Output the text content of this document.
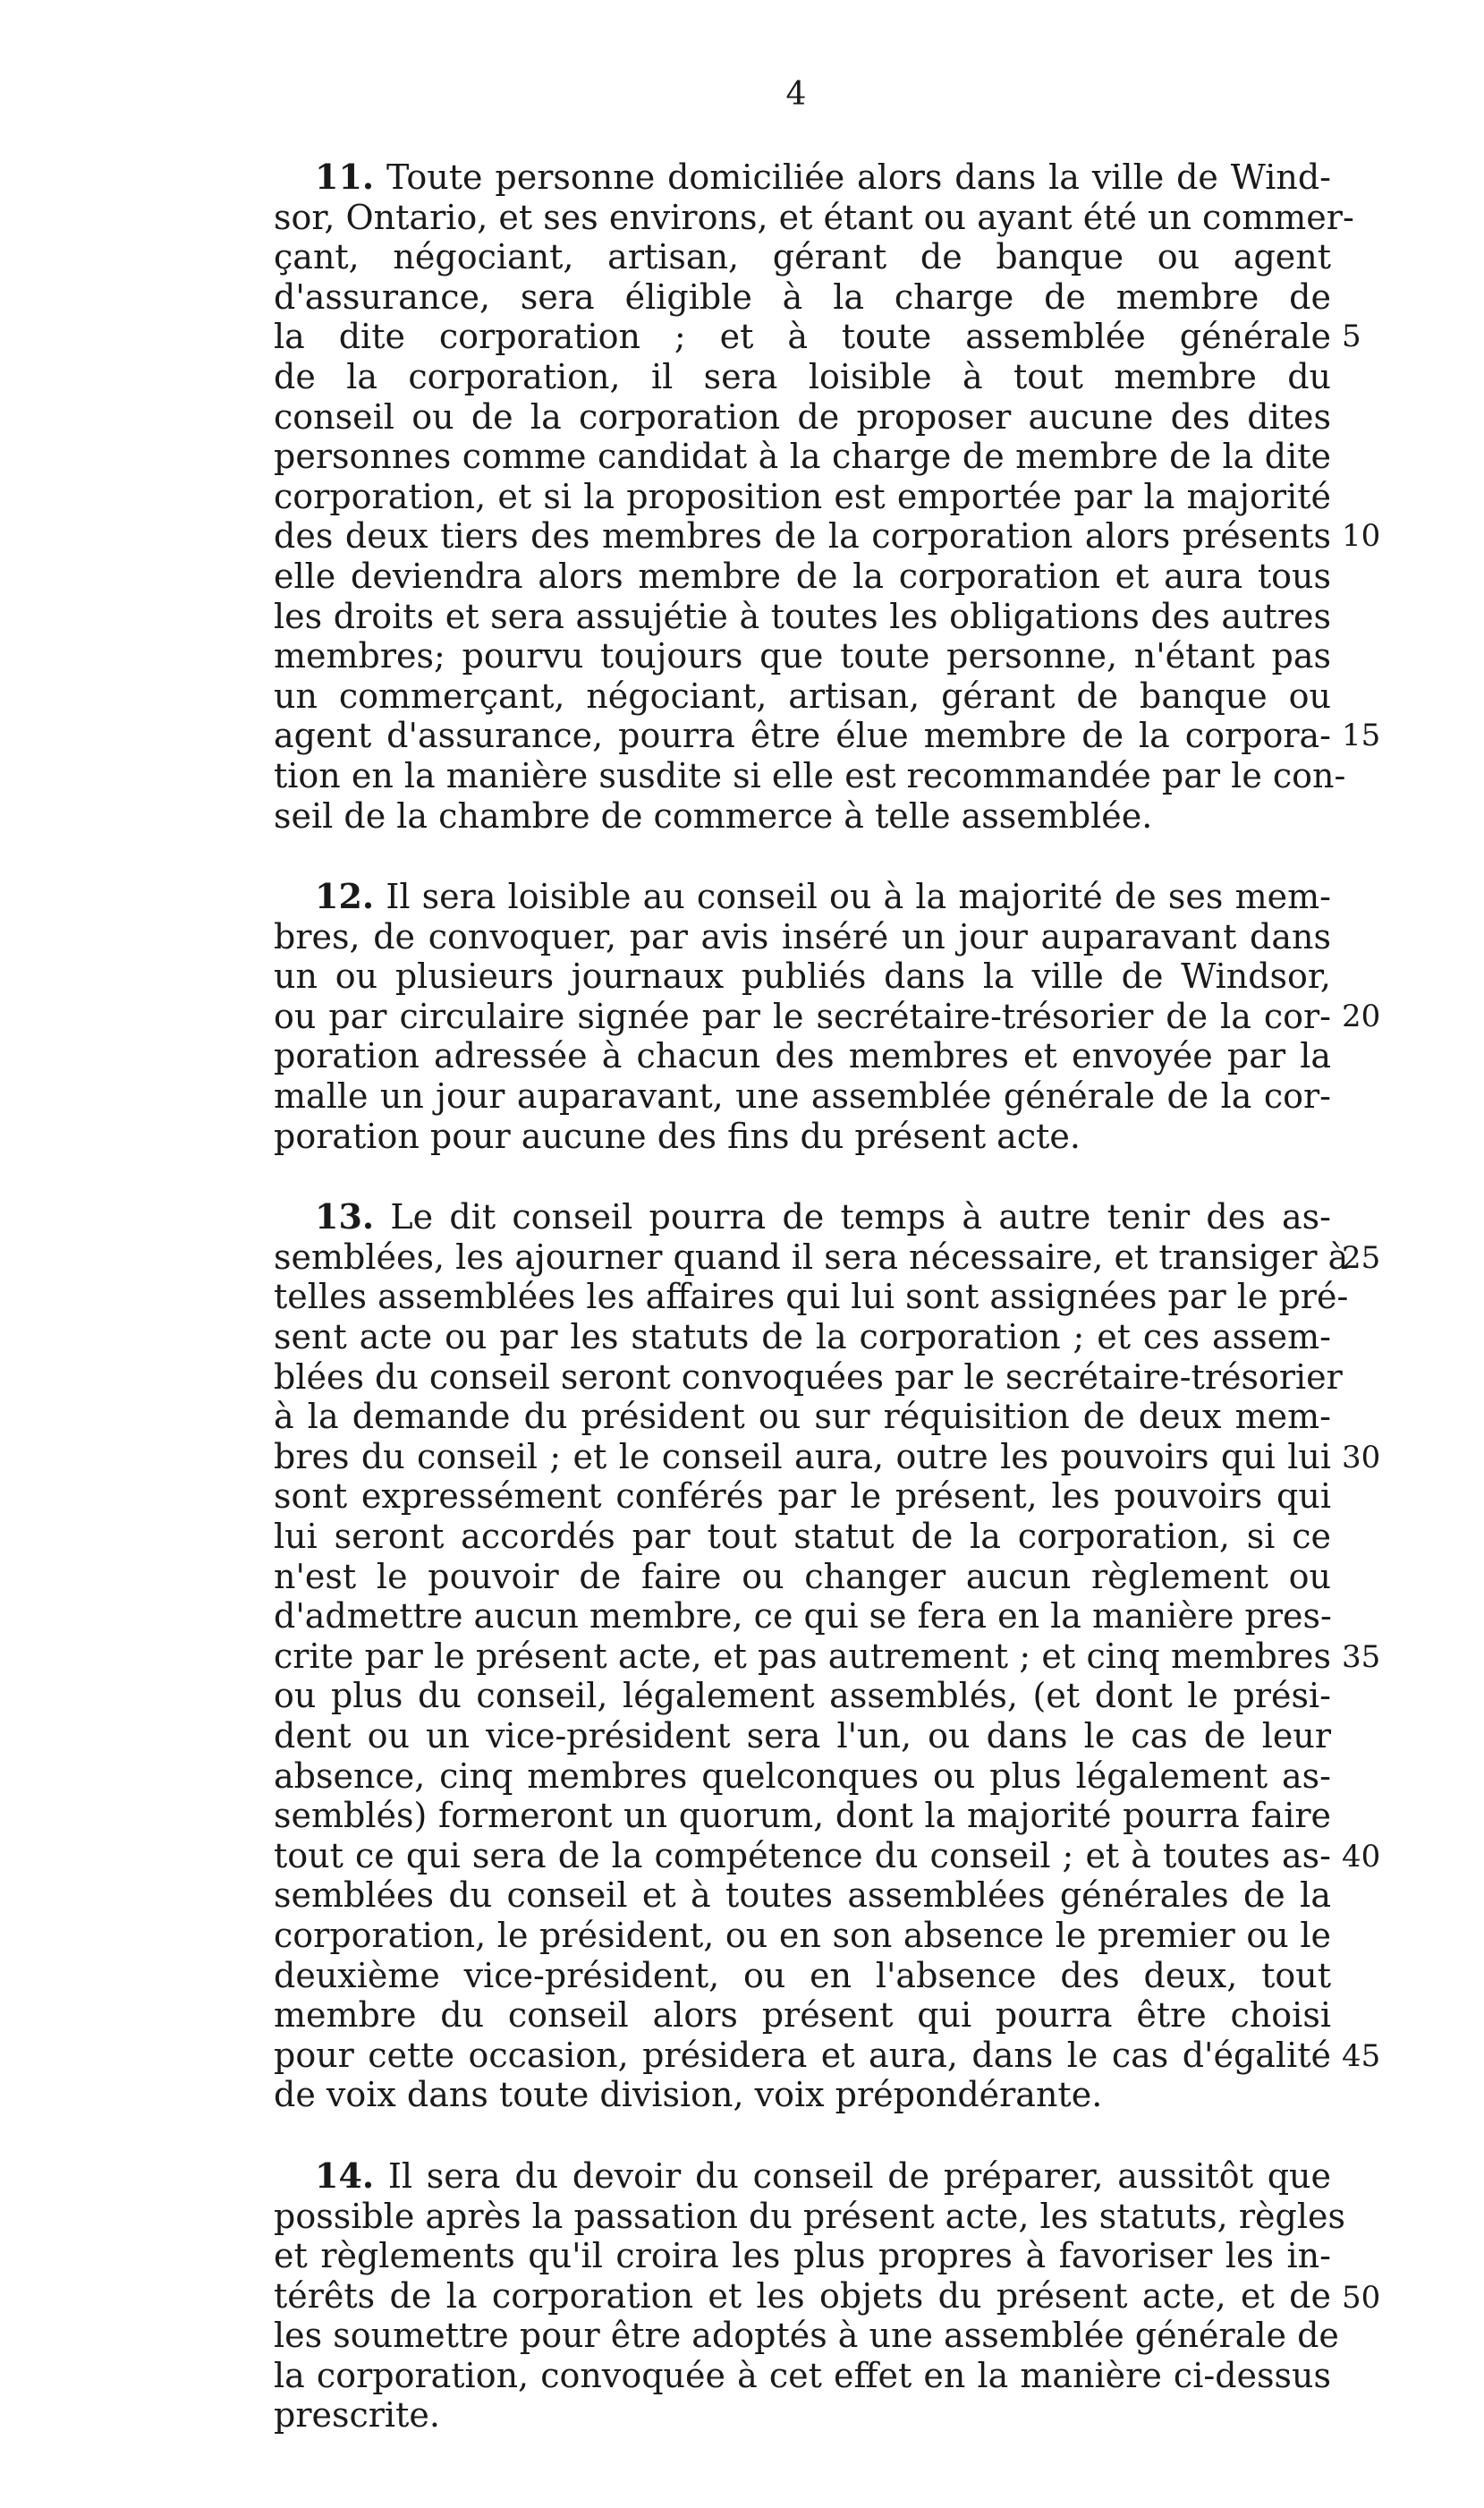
4
11. Toute personne domiciliée alors dans la ville de Wind-
sor, Ontario, et ses environs, et étant ou ayant été un commer-
çant, négociant, artisan, gérant de banque ou agent
d'assurance, sera éligible à la charge de membre de
la dite corporation ; et à toute assemblée générale
de la corporation, il sera loisible à tout membre du
conseil ou de la corporation de proposer aucune des dites
personnes comme candidat à la charge de membre de la dite
corporation, et si la proposition est emportée par la majorité
des deux tiers des membres de la corporation alors présents
elle deviendra alors membre de la corporation et aura tous
les droits et sera assujétie à toutes les obligations des autres
membres; pourvu toujours que toute personne, n'étant pas
un commerçant, négociant, artisan, gérant de banque ou
agent d'assurance, pourra être élue membre de la corpora-
tion en la manière susdite si elle est recommandée par le con-
seil de la chambre de commerce à telle assemblée.
12. Il sera loisible au conseil ou à la majorité de ses mem-
bres, de convoquer, par avis inséré un jour auparavant dans
un ou plusieurs journaux publiés dans la ville de Windsor,
ou par circulaire signée par le secrétaire-trésorier de la cor-
poration adressée à chacun des membres et envoyée par la
malle un jour auparavant, une assemblée générale de la cor-
poration pour aucune des fins du présent acte.
13. Le dit conseil pourra de temps à autre tenir des as-
semblées, les ajourner quand il sera nécessaire, et transiger à
telles assemblées les affaires qui lui sont assignées par le pré-
sent acte ou par les statuts de la corporation ; et ces assem-
blées du conseil seront convoquées par le secrétaire-trésorier
à la demande du président ou sur réquisition de deux mem-
bres du conseil ; et le conseil aura, outre les pouvoirs qui lui
sont expressément conférés par le présent, les pouvoirs qui
lui seront accordés par tout statut de la corporation, si ce
n'est le pouvoir de faire ou changer aucun règlement ou
d'admettre aucun membre, ce qui se fera en la manière pres-
crite par le présent acte, et pas autrement ; et cinq membres
ou plus du conseil, légalement assemblés, (et dont le prési-
dent ou un vice-président sera l'un, ou dans le cas de leur
absence, cinq membres quelconques ou plus légalement as-
semblés) formeront un quorum, dont la majorité pourra faire
tout ce qui sera de la compétence du conseil ; et à toutes as-
semblées du conseil et à toutes assemblées générales de la
corporation, le président, ou en son absence le premier ou le
deuxième vice-président, ou en l'absence des deux, tout
membre du conseil alors présent qui pourra être choisi
pour cette occasion, présidera et aura, dans le cas d'égalité
de voix dans toute division, voix prépondérante.
14. Il sera du devoir du conseil de préparer, aussitôt que
possible après la passation du présent acte, les statuts, règles
et règlements qu'il croira les plus propres à favoriser les in-
térêts de la corporation et les objets du présent acte, et de
les soumettre pour être adoptés à une assemblée générale de
la corporation, convoquée à cet effet en la manière ci-dessus
prescrite.
5
10
15
20
25
30
35
40
45
50
